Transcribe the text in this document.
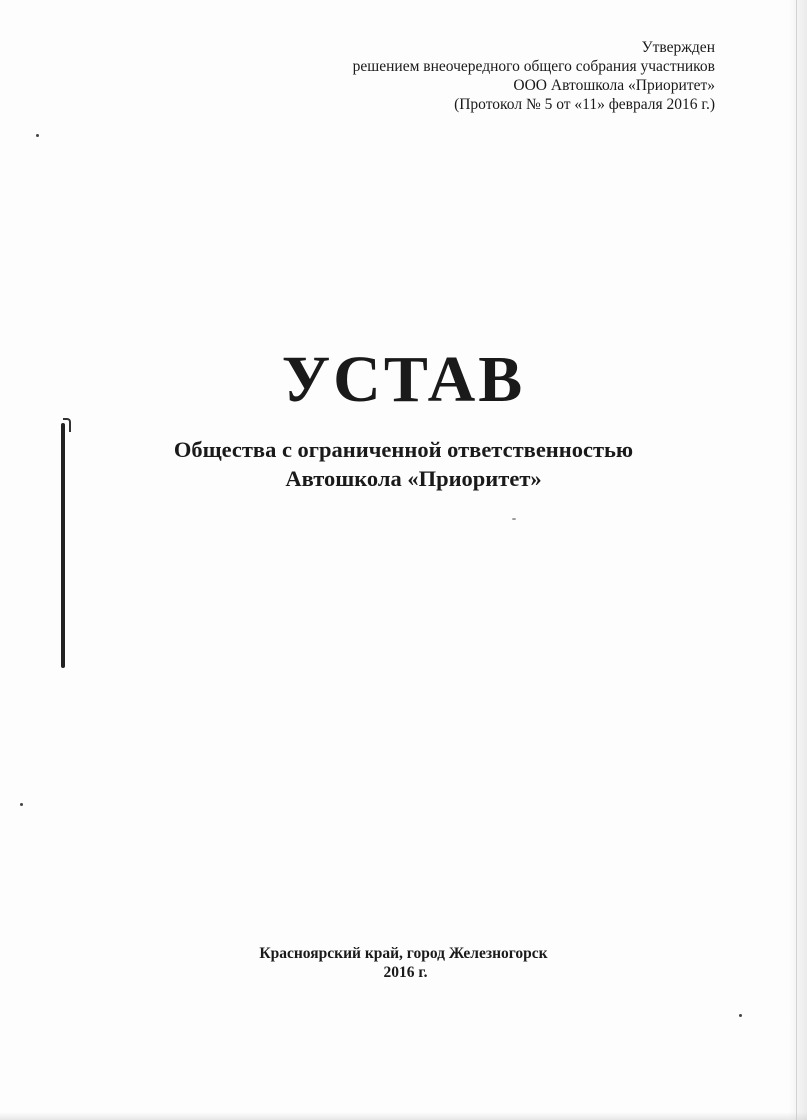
Утвержден
решением внеочередного общего собрания участников
ООО Автошкола «Приоритет»
(Протокол № 5 от «11» февраля 2016 г.)
УСТАВ
Общества с ограниченной ответственностью
Автошкола «Приоритет»
Красноярский край, город Железногорск
2016 г.
